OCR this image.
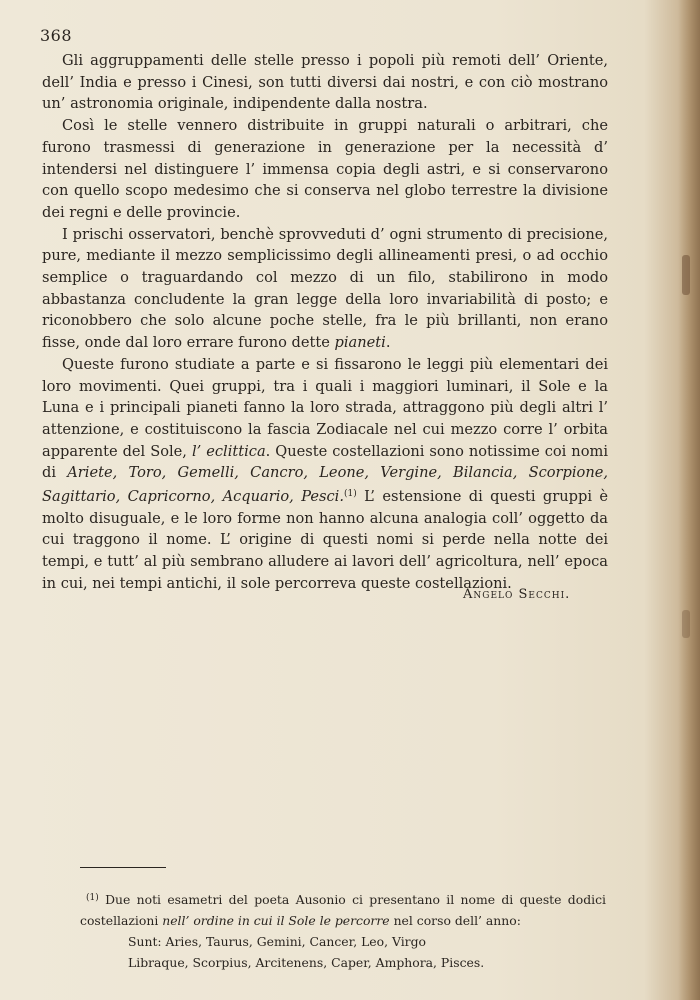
368

Gli aggruppamenti delle stelle presso i popoli più remoti dell’ Oriente, dell’ India e presso i Cinesi, son tutti diversi dai nostri, e con ciò mostrano un’ astronomia originale, indipendente dalla nostra.

Così le stelle vennero distribuite in gruppi naturali o arbitrari, che furono trasmessi di generazione in generazione per la necessità d’ intendersi nel distinguere l’ immensa copia degli astri, e si conservarono con quello scopo medesimo che si conserva nel globo terrestre la divisione dei regni e delle provincie.

I prischi osservatori, benchè sprovveduti d’ ogni strumento di precisione, pure, mediante il mezzo semplicissimo degli allineamenti presi, o ad occhio semplice o traguardando col mezzo di un filo, stabilirono in modo abbastanza concludente la gran legge della loro invariabilità di posto; e riconobbero che solo alcune poche stelle, fra le più brillanti, non erano fisse, onde dal loro errare furono dette pianeti.

Queste furono studiate a parte e si fissarono le leggi più elementari dei loro movimenti. Quei gruppi, tra i quali i maggiori luminari, il Sole e la Luna e i principali pianeti fanno la loro strada, attraggono più degli altri l’ attenzione, e costituiscono la fascia Zodiacale nel cui mezzo corre l’ orbita apparente del Sole, l’ eclittica. Queste costellazioni sono notissime coi nomi di Ariete, Toro, Gemelli, Cancro, Leone, Vergine, Bilancia, Scorpione, Sagittario, Capricorno, Acquario, Pesci.$^{(1)}$ L’ estensione di questi gruppi è molto disuguale, e le loro forme non hanno alcuna analogia coll’ oggetto da cui traggono il nome. L’ origine di questi nomi si perde nella notte dei tempi, e tutt’ al più sembrano alludere ai lavori dell’ agricoltura, nell’ epoca in cui, nei tempi antichi, il sole percorreva queste costellazioni.

Angelo Secchi.

$^{(1)}$ Due noti esametri del poeta Ausonio ci presentano il nome di queste dodici costellazioni nell’ ordine in cui il Sole le percorre nel corso dell’ anno:

Sunt: Aries, Taurus, Gemini, Cancer, Leo, Virgo
Libraque, Scorpius, Arcitenens, Caper, Amphora, Pisces.
